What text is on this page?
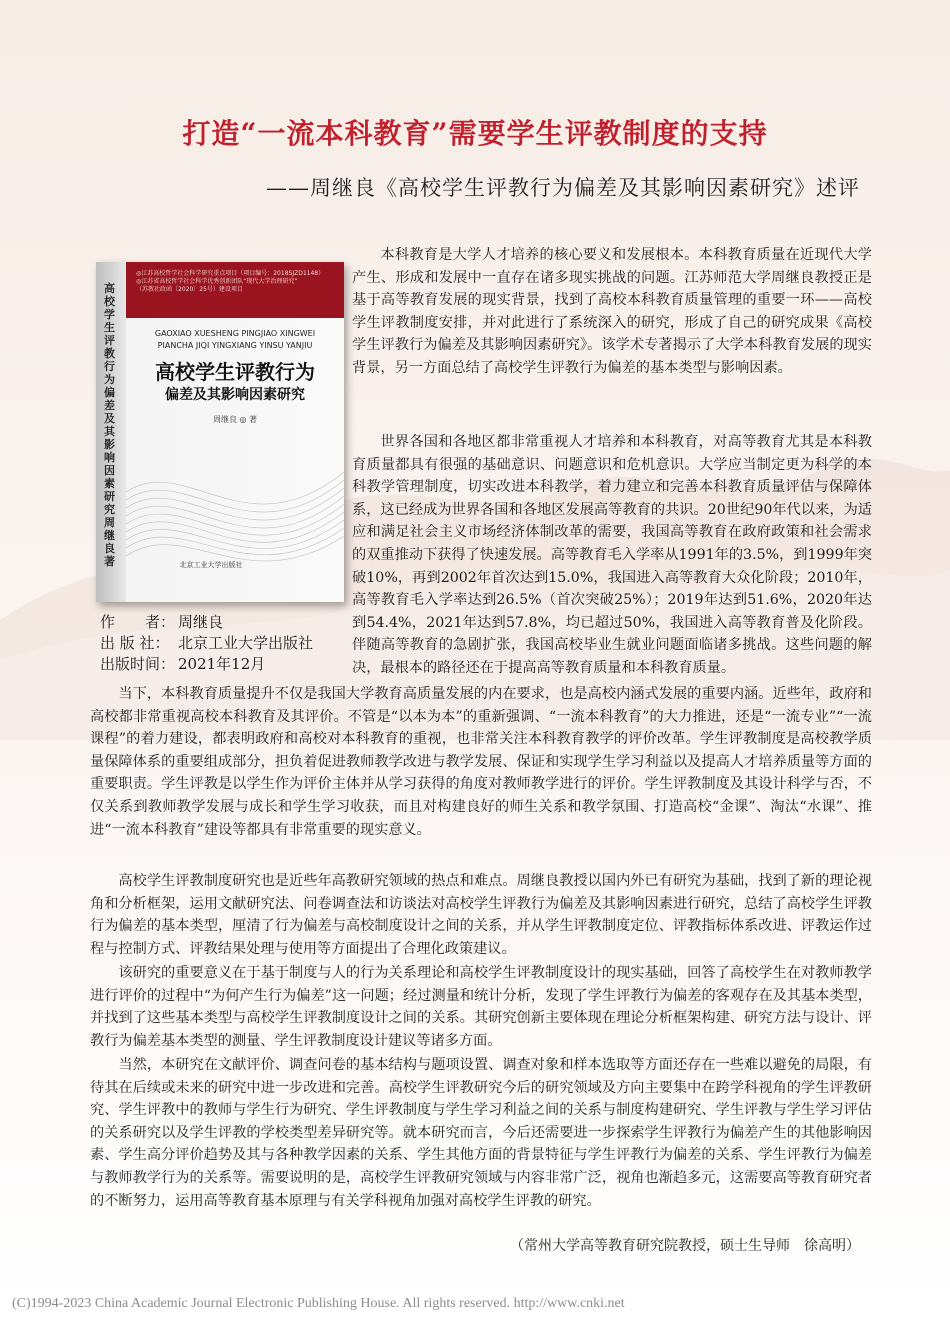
打造“一流本科教育”需要学生评教制度的支持

——周继良《高校学生评教行为偏差及其影响因素研究》述评

高校学生评教行为偏差及其影响因素研究 周继良 著
◎江苏高校哲学社会科学研究重点项目（项目编号：2018SJZD1148）
◎江苏省高校哲学社会科学优秀创新团队“现代大学治理研究”
（苏教社政函〔2020〕25号）建设项目
GAOXIAO XUESHENG PINGJIAO XINGWEI
PIANCHA JIQI YINGXIANG YINSU YANJIU
高校学生评教行为
偏差及其影响因素研究
周继良 ◎ 著
北京工业大学出版社
作　　者： 周继良
出 版 社： 北京工业大学出版社
出版时间： 2021年12月

本科教育是大学人才培养的核心要义和发展根本。本科教育质量在近现代大学产生、形成和发展中一直存在诸多现实挑战的问题。江苏师范大学周继良教授正是基于高等教育发展的现实背景，找到了高校本科教育质量管理的重要一环——高校学生评教制度安排，并对此进行了系统深入的研究，形成了自己的研究成果《高校学生评教行为偏差及其影响因素研究》。该学术专著揭示了大学本科教育发展的现实背景，另一方面总结了高校学生评教行为偏差的基本类型与影响因素。

世界各国和各地区都非常重视人才培养和本科教育，对高等教育尤其是本科教育质量都具有很强的基础意识、问题意识和危机意识。大学应当制定更为科学的本科教学管理制度，切实改进本科教学，着力建立和完善本科教育质量评估与保障体系，这已经成为世界各国和各地区发展高等教育的共识。20世纪90年代以来，为适应和满足社会主义市场经济体制改革的需要，我国高等教育在政府政策和社会需求的双重推动下获得了快速发展。高等教育毛入学率从1991年的3.5%，到1999年突破10%，再到2002年首次达到15.0%，我国进入高等教育大众化阶段；2010年，高等教育毛入学率达到26.5%（首次突破25%）；2019年达到51.6%，2020年达到54.4%，2021年达到57.8%，均已超过50%，我国进入高等教育普及化阶段。伴随高等教育的急剧扩张，我国高校毕业生就业问题面临诸多挑战。这些问题的解决，最根本的路径还在于提高高等教育质量和本科教育质量。

当下，本科教育质量提升不仅是我国大学教育高质量发展的内在要求，也是高校内涵式发展的重要内涵。近些年，政府和高校都非常重视高校本科教育及其评价。不管是“以本为本”的重新强调、“一流本科教育”的大力推进，还是“一流专业”“一流课程”的着力建设，都表明政府和高校对本科教育的重视，也非常关注本科教育教学的评价改革。学生评教制度是高校教学质量保障体系的重要组成部分，担负着促进教师教学改进与教学发展、保证和实现学生学习利益以及提高人才培养质量等方面的重要职责。学生评教是以学生作为评价主体并从学习获得的角度对教师教学进行的评价。学生评教制度及其设计科学与否，不仅关系到教师教学发展与成长和学生学习收获，而且对构建良好的师生关系和教学氛围、打造高校“金课”、淘汰“水课”、推进“一流本科教育”建设等都具有非常重要的现实意义。

高校学生评教制度研究也是近些年高教研究领域的热点和难点。周继良教授以国内外已有研究为基础，找到了新的理论视角和分析框架，运用文献研究法、问卷调查法和访谈法对高校学生评教行为偏差及其影响因素进行研究，总结了高校学生评教行为偏差的基本类型，厘清了行为偏差与高校制度设计之间的关系，并从学生评教制度定位、评教指标体系改进、评教运作过程与控制方式、评教结果处理与使用等方面提出了合理化政策建议。

该研究的重要意义在于基于制度与人的行为关系理论和高校学生评教制度设计的现实基础，回答了高校学生在对教师教学进行评价的过程中“为何产生行为偏差”这一问题；经过测量和统计分析，发现了学生评教行为偏差的客观存在及其基本类型，并找到了这些基本类型与高校学生评教制度设计之间的关系。其研究创新主要体现在理论分析框架构建、研究方法与设计、评教行为偏差基本类型的测量、学生评教制度设计建议等诸多方面。

当然，本研究在文献评价、调查问卷的基本结构与题项设置、调查对象和样本选取等方面还存在一些难以避免的局限，有待其在后续或未来的研究中进一步改进和完善。高校学生评教研究今后的研究领域及方向主要集中在跨学科视角的学生评教研究、学生评教中的教师与学生行为研究、学生评教制度与学生学习利益之间的关系与制度构建研究、学生评教与学生学习评估的关系研究以及学生评教的学校类型差异研究等。就本研究而言，今后还需要进一步探索学生评教行为偏差产生的其他影响因素、学生高分评价趋势及其与各种教学因素的关系、学生其他方面的背景特征与学生评教行为偏差的关系、学生评教行为偏差与教师教学行为的关系等。需要说明的是，高校学生评教研究领域与内容非常广泛，视角也渐趋多元，这需要高等教育研究者的不断努力，运用高等教育基本原理与有关学科视角加强对高校学生评教的研究。

（常州大学高等教育研究院教授，硕士生导师　徐高明）

(C)1994-2023 China Academic Journal Electronic Publishing House. All rights reserved. http://www.cnki.net
